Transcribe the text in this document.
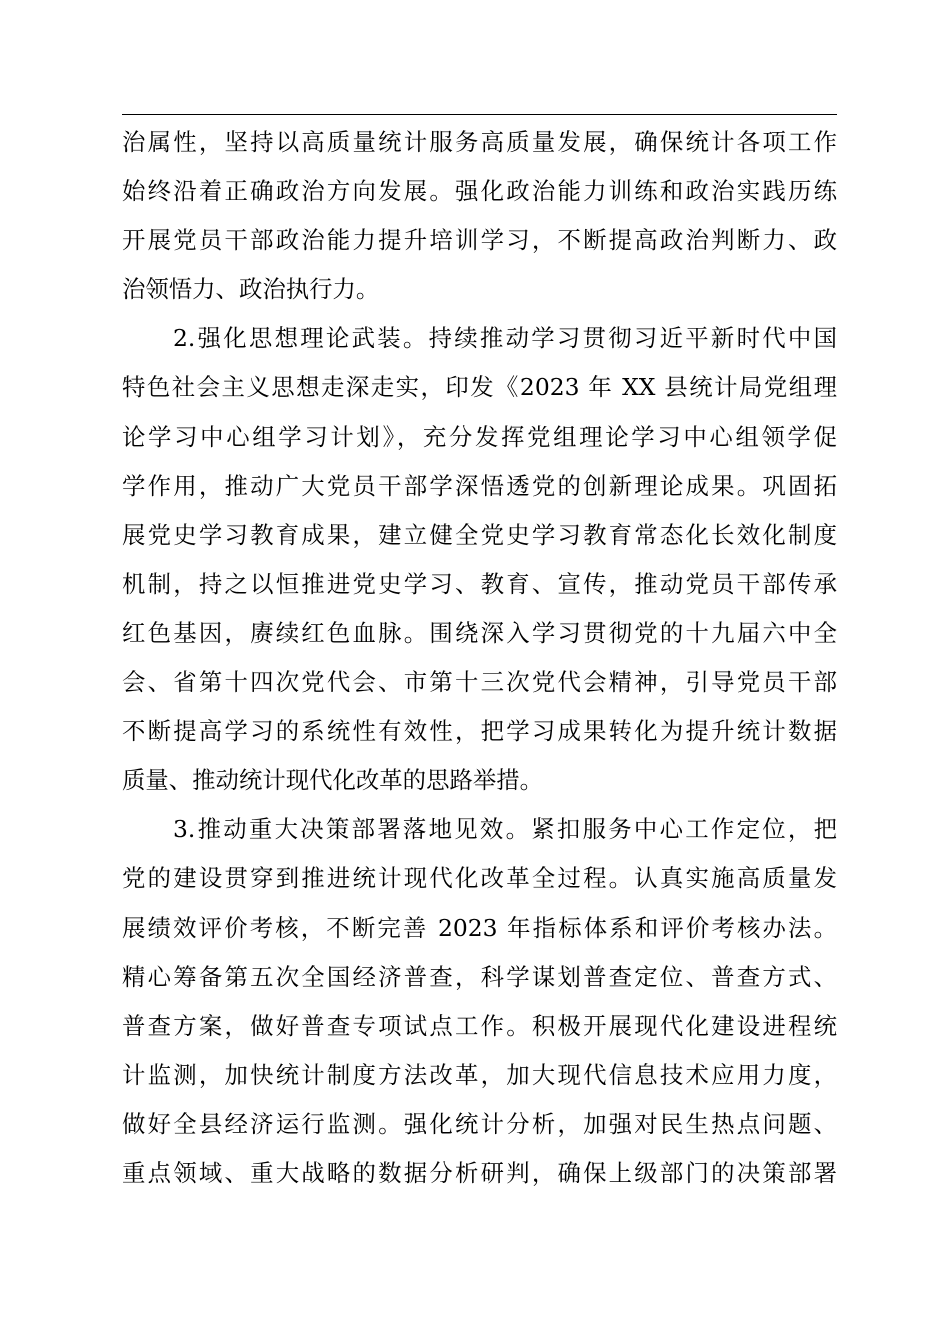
治属性，坚持以高质量统计服务高质量发展，确保统计各项工作
始终沿着正确政治方向发展。强化政治能力训练和政治实践历练
开展党员干部政治能力提升培训学习，不断提高政治判断力、政
治领悟力、政治执行力。
2.强化思想理论武装。持续推动学习贯彻习近平新时代中国
特色社会主义思想走深走实，印发《2023 年 XX 县统计局党组理
论学习中心组学习计划》，充分发挥党组理论学习中心组领学促
学作用，推动广大党员干部学深悟透党的创新理论成果。巩固拓
展党史学习教育成果，建立健全党史学习教育常态化长效化制度
机制，持之以恒推进党史学习、教育、宣传，推动党员干部传承
红色基因，赓续红色血脉。围绕深入学习贯彻党的十九届六中全
会、省第十四次党代会、市第十三次党代会精神，引导党员干部
不断提高学习的系统性有效性，把学习成果转化为提升统计数据
质量、推动统计现代化改革的思路举措。
3.推动重大决策部署落地见效。紧扣服务中心工作定位，把
党的建设贯穿到推进统计现代化改革全过程。认真实施高质量发
展绩效评价考核，不断完善 2023 年指标体系和评价考核办法。
精心筹备第五次全国经济普查，科学谋划普查定位、普查方式、
普查方案，做好普查专项试点工作。积极开展现代化建设进程统
计监测，加快统计制度方法改革，加大现代信息技术应用力度，
做好全县经济运行监测。强化统计分析，加强对民生热点问题、
重点领域、重大战略的数据分析研判，确保上级部门的决策部署
